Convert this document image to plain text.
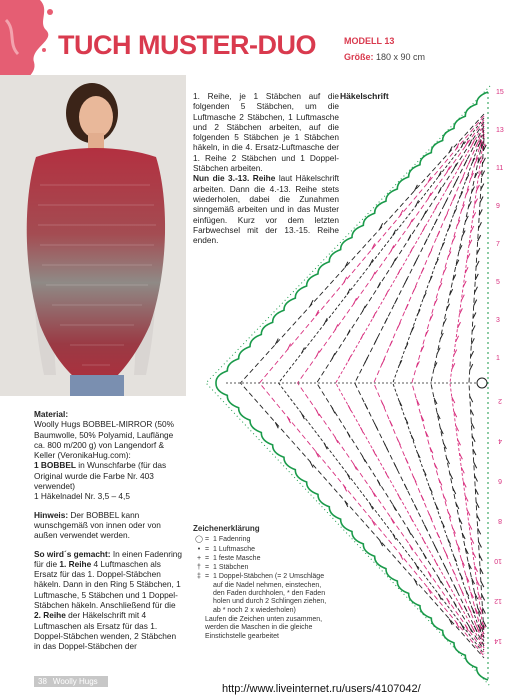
TUCH MUSTER-DUO	MODELL 13
Größe: 180 x 90 cm

1. Reihe, je 1 Stäbchen auf die folgenden 5 Stäbchen, um die Luftmasche 2 Stäbchen, 1 Luftmasche und 2 Stäbchen arbeiten, auf die folgenden 5 Stäbchen je 1 Stäbchen häkeln, in die 4. Ersatz-Luftmasche der 1. Reihe 2 Stäbchen und 1 Doppel-Stäbchen arbeiten.

Nun die 3.-13. Reihe laut Häkelschrift arbeiten. Dann die 4.-13. Reihe stets wiederholen, dabei die Zunahmen sinngemäß arbeiten und in das Muster einfügen. Kurz vor dem letzten Farbwechsel mit der 13.-15. Reihe enden.

Häkelschrift	15
13
11
9
7
5
3
1
2
4
6
8
10
12
14

Material:
Woolly Hugs BOBBEL-MIRROR (50% Baumwolle, 50% Polyamid, Lauflänge ca. 800 m/200 g) von Langendorf & Keller (VeronikaHug.com):
1 BOBBEL in Wunschfarbe (für das Original wurde die Farbe Nr. 403 verwendet)
1 Häkelnadel Nr. 3,5 – 4,5

Hinweis: Der BOBBEL kann wunschgemäß von innen oder von außen verwendet werden.

So wird´s gemacht: In einen Fadenring für die 1. Reihe 4 Luftmaschen als Ersatz für das 1. Doppel-Stäbchen häkeln. Dann in den Ring 5 Stäbchen, 1 Luftmasche, 5 Stäbchen und 1 Doppel-Stäbchen häkeln. Anschließend für die 2. Reihe der Häkelschrift mit 4 Luftmaschen als Ersatz für das 1. Doppel-Stäbchen wenden, 2 Stäbchen in das Doppel-Stäbchen der

Zeichenerklärung
◯ = 1 Fadenring
• = 1 Luftmasche
+ = 1 feste Masche
† = 1 Stäbchen
‡ = 1 Doppel-Stäbchen (= 2 Umschläge auf die Nadel nehmen, einstechen, den Faden durchholen, * den Faden holen und durch 2 Schlingen ziehen, ab * noch 2 x wiederholen)
Laufen die Zeichen unten zusammen, werden die Maschen in die gleiche Einstichstelle gearbeitet
38 Woolly Hugs
http://www.liveinternet.ru/users/4107042/
